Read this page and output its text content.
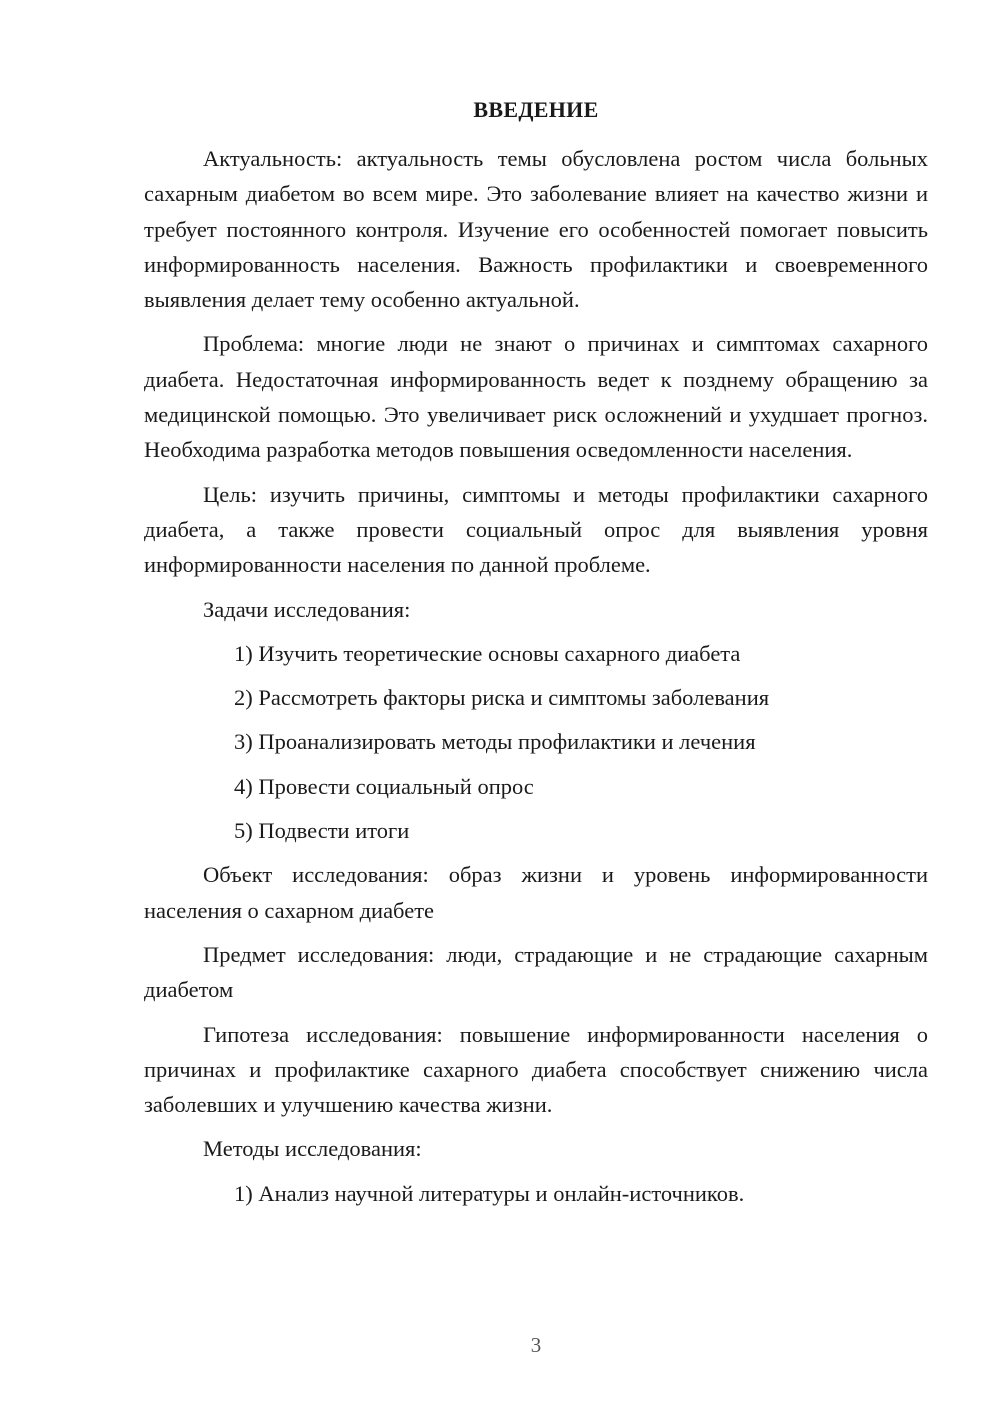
ВВЕДЕНИЕ

Актуальность: актуальность темы обусловлена ростом числа больных сахарным диабетом во всем мире. Это заболевание влияет на качество жизни и требует постоянного контроля. Изучение его особенностей помогает повысить информированность населения. Важность профилактики и своевременного выявления делает тему особенно актуальной.

Проблема: многие люди не знают о причинах и симптомах сахарного диабета. Недостаточная информированность ведет к позднему обращению за медицинской помощью. Это увеличивает риск осложнений и ухудшает прогноз. Необходима разработка методов повышения осведомленности населения.

Цель: изучить причины, симптомы и методы профилактики сахарного диабета, а также провести социальный опрос для выявления уровня информированности населения по данной проблеме.

Задачи исследования:

1) Изучить теоретические основы сахарного диабета

2) Рассмотреть факторы риска и симптомы заболевания

3) Проанализировать методы профилактики и лечения

4) Провести социальный опрос

5) Подвести итоги

Объект исследования: образ жизни и уровень информированности населения о сахарном диабете

Предмет исследования: люди, страдающие и не страдающие сахарным диабетом

Гипотеза исследования: повышение информированности населения о причинах и профилактике сахарного диабета способствует снижению числа заболевших и улучшению качества жизни.

Методы исследования:

1) Анализ научной литературы и онлайн-источников.

3
